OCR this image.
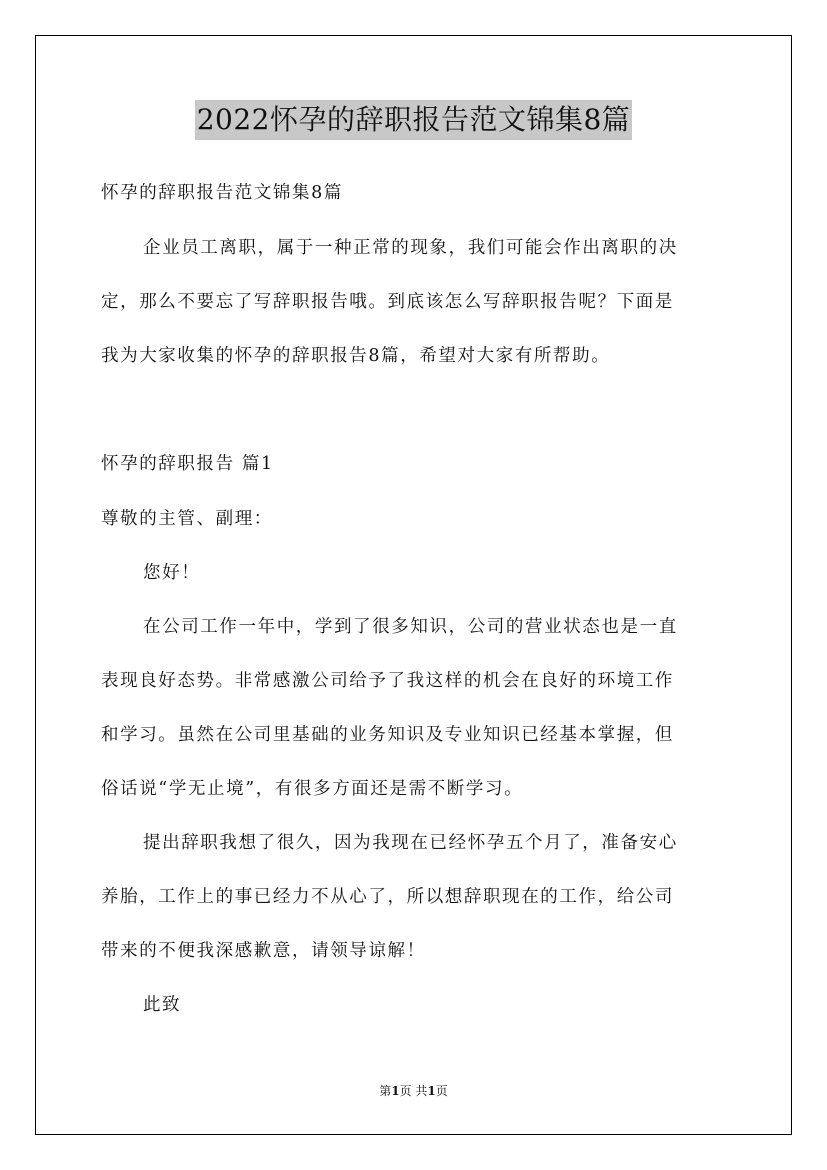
2022怀孕的辞职报告范文锦集8篇
怀孕的辞职报告范文锦集8篇
企业员工离职，属于一种正常的现象，我们可能会作出离职的决
定，那么不要忘了写辞职报告哦。到底该怎么写辞职报告呢？下面是
我为大家收集的怀孕的辞职报告8篇，希望对大家有所帮助。
怀孕的辞职报告 篇1
尊敬的主管、副理：
您好！
在公司工作一年中，学到了很多知识，公司的营业状态也是一直
表现良好态势。非常感激公司给予了我这样的机会在良好的环境工作
和学习。虽然在公司里基础的业务知识及专业知识已经基本掌握，但
俗话说“学无止境”，有很多方面还是需不断学习。
提出辞职我想了很久，因为我现在已经怀孕五个月了，准备安心
养胎，工作上的事已经力不从心了，所以想辞职现在的工作，给公司
带来的不便我深感歉意，请领导谅解！
此致
第1页 共1页
